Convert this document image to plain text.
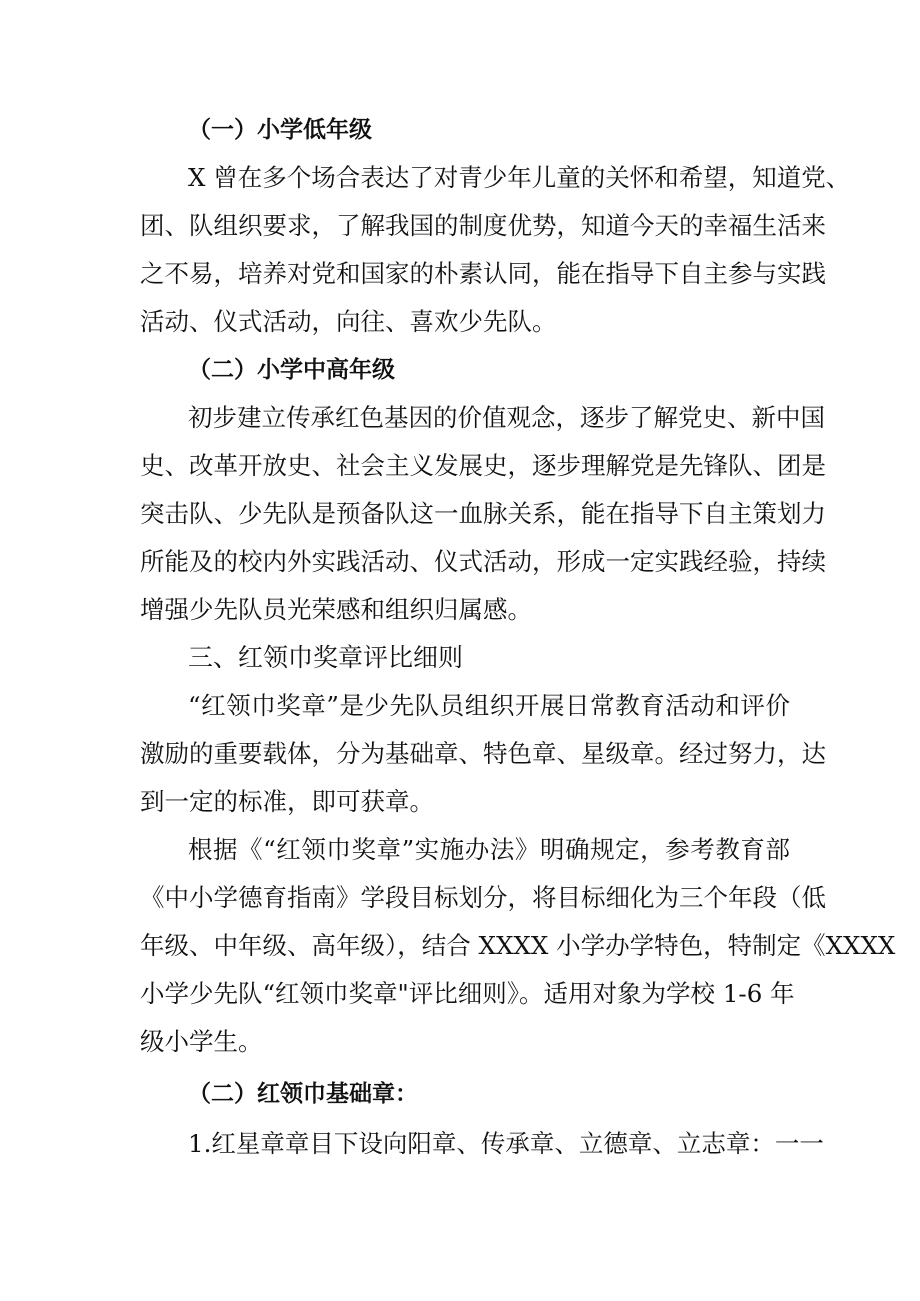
（一）小学低年级
X 曾在多个场合表达了对青少年儿童的关怀和希望，知道党、
团、队组织要求，了解我国的制度优势，知道今天的幸福生活来
之不易，培养对党和国家的朴素认同，能在指导下自主参与实践
活动、仪式活动，向往、喜欢少先队。
（二）小学中高年级
初步建立传承红色基因的价值观念，逐步了解党史、新中国
史、改革开放史、社会主义发展史，逐步理解党是先锋队、团是
突击队、少先队是预备队这一血脉关系，能在指导下自主策划力
所能及的校内外实践活动、仪式活动，形成一定实践经验，持续
增强少先队员光荣感和组织归属感。
三、红领巾奖章评比细则
“红领巾奖章”是少先队员组织开展日常教育活动和评价
激励的重要载体，分为基础章、特色章、星级章。经过努力，达
到一定的标准，即可获章。
根据《“红领巾奖章”实施办法》明确规定，参考教育部
《中小学德育指南》学段目标划分，将目标细化为三个年段（低
年级、中年级、高年级），结合 XXXX 小学办学特色，特制定《XXXX
小学少先队“红领巾奖章"评比细则》。适用对象为学校 1-6 年
级小学生。
（二）红领巾基础章：
1.红星章章目下设向阳章、传承章、立德章、立志章：一一
